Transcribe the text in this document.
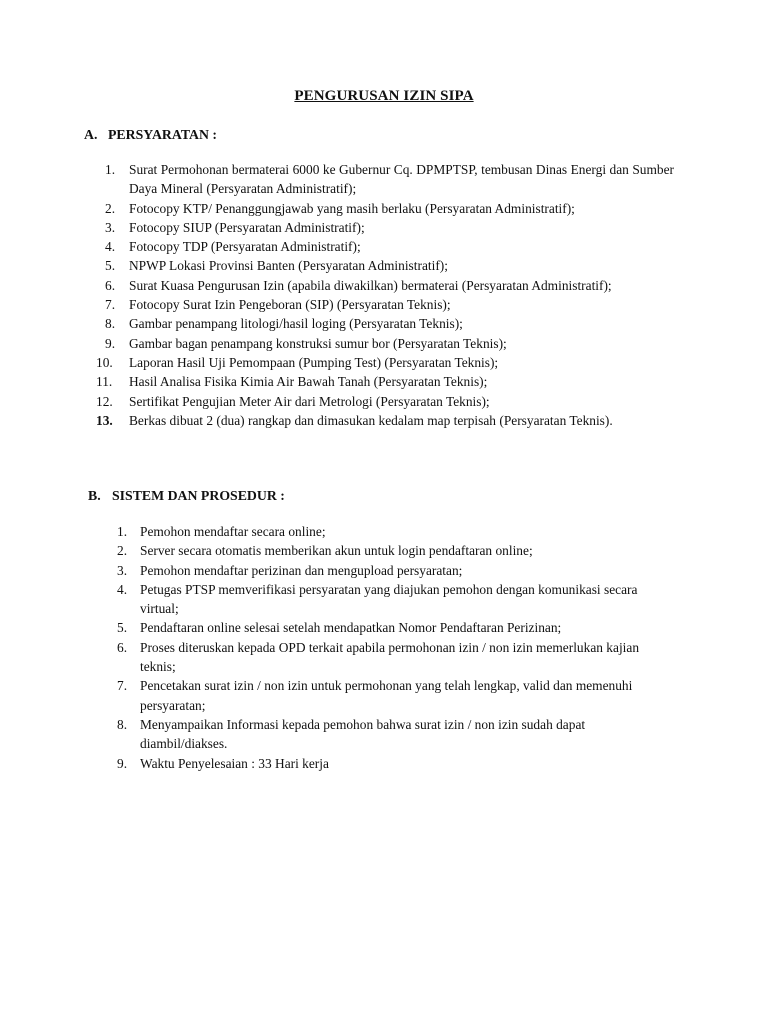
PENGURUSAN IZIN SIPA
A. PERSYARATAN :
1.	Surat Permohonan bermaterai 6000 ke Gubernur Cq. DPMPTSP, tembusan Dinas Energi dan Sumber Daya Mineral (Persyaratan Administratif);
2.	Fotocopy KTP/ Penanggungjawab yang masih berlaku (Persyaratan Administratif);
3.	Fotocopy SIUP (Persyaratan Administratif);
4.	Fotocopy TDP (Persyaratan Administratif);
5.	NPWP Lokasi Provinsi Banten (Persyaratan Administratif);
6.	Surat Kuasa Pengurusan Izin (apabila diwakilkan) bermaterai (Persyaratan Administratif);
7.	Fotocopy Surat Izin Pengeboran (SIP) (Persyaratan Teknis);
8.	Gambar penampang litologi/hasil loging (Persyaratan Teknis);
9.	Gambar bagan penampang konstruksi sumur bor (Persyaratan Teknis);
10.	Laporan Hasil Uji Pemompaan (Pumping Test) (Persyaratan Teknis);
11.	Hasil Analisa Fisika Kimia Air Bawah Tanah (Persyaratan Teknis);
12.	Sertifikat Pengujian Meter Air dari Metrologi (Persyaratan Teknis);
13.	Berkas dibuat 2 (dua) rangkap dan dimasukan kedalam map terpisah (Persyaratan Teknis).
B. SISTEM DAN PROSEDUR :
1. Pemohon mendaftar secara online;
2. Server secara otomatis memberikan akun untuk login pendaftaran online;
3. Pemohon mendaftar perizinan dan mengupload persyaratan;
4. Petugas PTSP memverifikasi persyaratan yang diajukan pemohon dengan komunikasi secara virtual;
5. Pendaftaran online selesai setelah mendapatkan Nomor Pendaftaran Perizinan;
6. Proses diteruskan kepada OPD terkait apabila permohonan izin / non izin memerlukan kajian teknis;
7. Pencetakan surat izin / non izin untuk permohonan yang telah lengkap, valid dan memenuhi persyaratan;
8. Menyampaikan Informasi kepada pemohon bahwa surat izin / non izin sudah dapat diambil/diakses.
9. Waktu Penyelesaian : 33 Hari kerja
